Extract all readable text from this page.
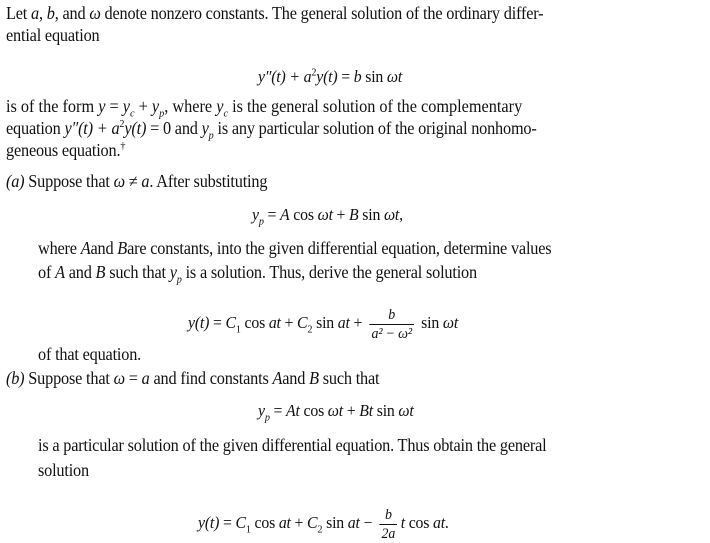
Let a, b, and ω denote nonzero constants. The general solution of the ordinary differ-
ential equation
$y''(t) + a^2y(t) = b$ sin ωt
is of the form $y = y_c + y_p$, where $y_c$ is the general solution of the complementary
equation $y''(t) + a^2y(t) = 0$ and $y_p$ is any particular solution of the original nonhomo-
geneous equation.†
(a) Suppose that ω ≠ a. After substituting
$y_p = A$ cos ωt + B sin ωt,
where Aand Bare constants, into the given differential equation, determine values
of A and B such that $y_p$ is a solution. Thus, derive the general solution
$y(t) = C_1$ cos at + $C_2$ sin at + $\frac{b}{\text{a² − ω²}}$ sin ωt
of that equation.
(b) Suppose that ω = a and find constants Aand B such that
$y_p = At$ cos ωt + Bt sin ωt
is a particular solution of the given differential equation. Thus obtain the general
solution
$y(t) = C_1$ cos at + $C_2$ sin at − $\frac{b}{2a}$ t cos at.
